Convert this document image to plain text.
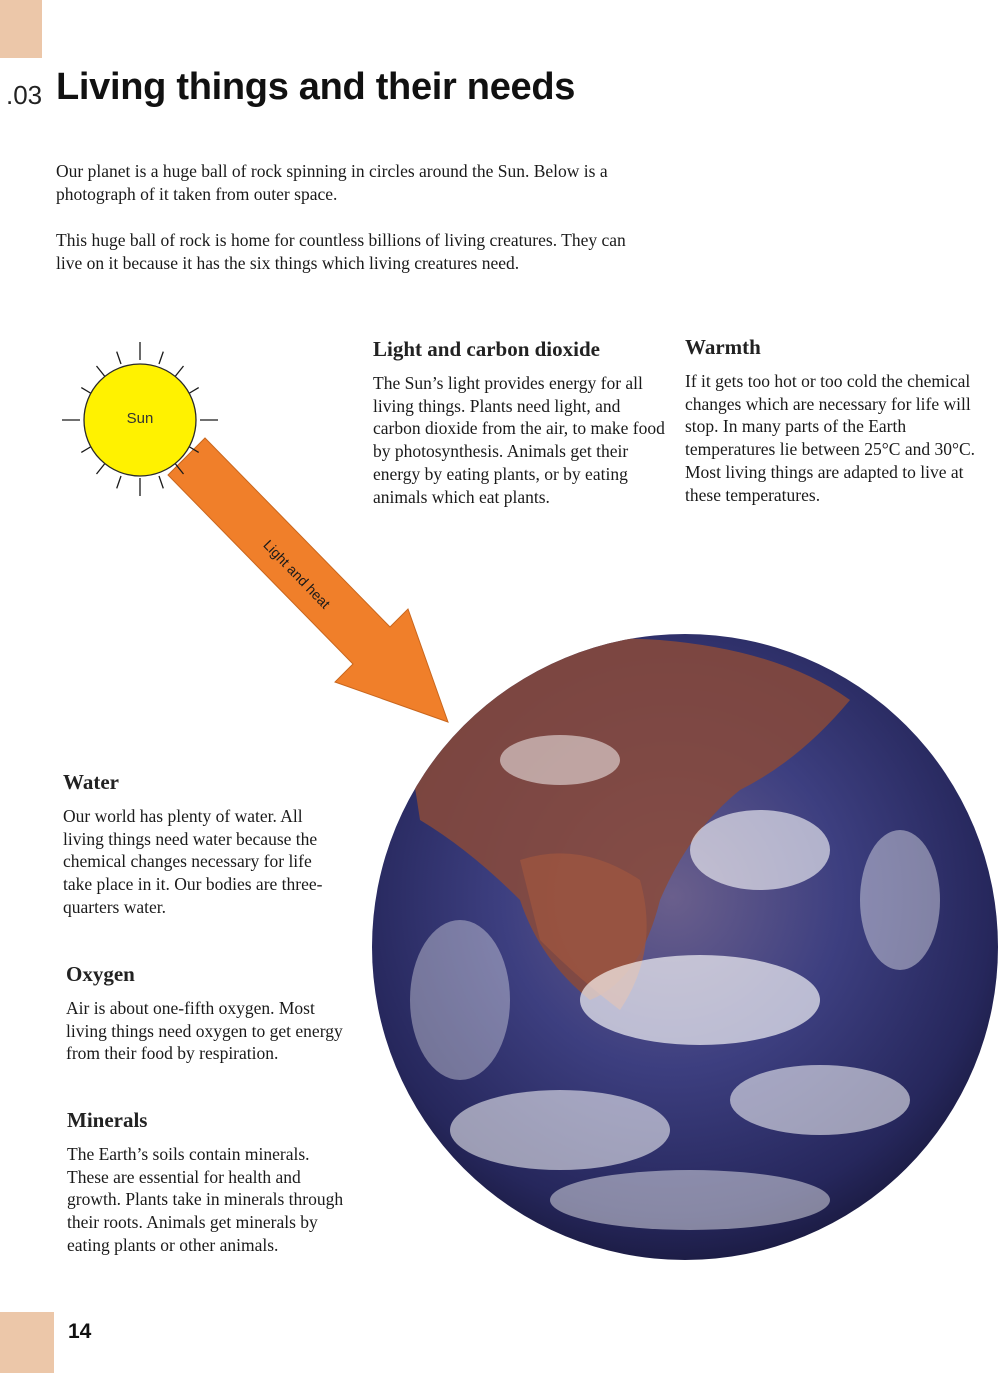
.03 Living things and their needs

Our planet is a huge ball of rock spinning in circles around the Sun. Below is a photograph of it taken from outer space.

This huge ball of rock is home for countless billions of living creatures. They can live on it because it has the six things which living creatures need.

Light and heat
Sun
Light and carbon dioxide

The Sun’s light provides energy for all living things. Plants need light, and carbon dioxide from the air, to make food by photosynthesis. Animals get their energy by eating plants, or by eating animals which eat plants.

Warmth

If it gets too hot or too cold the chemical changes which are necessary for life will stop. In many parts of the Earth temperatures lie between 25°C and 30°C. Most living things are adapted to live at these temperatures.

Water

Our world has plenty of water. All living things need water because the chemical changes necessary for life take place in it. Our bodies are three-quarters water.

Oxygen

Air is about one-fifth oxygen. Most living things need oxygen to get energy from their food by respiration.

Minerals

The Earth’s soils contain minerals. These are essential for health and growth. Plants take in minerals through their roots. Animals get minerals by eating plants or other animals.

14
